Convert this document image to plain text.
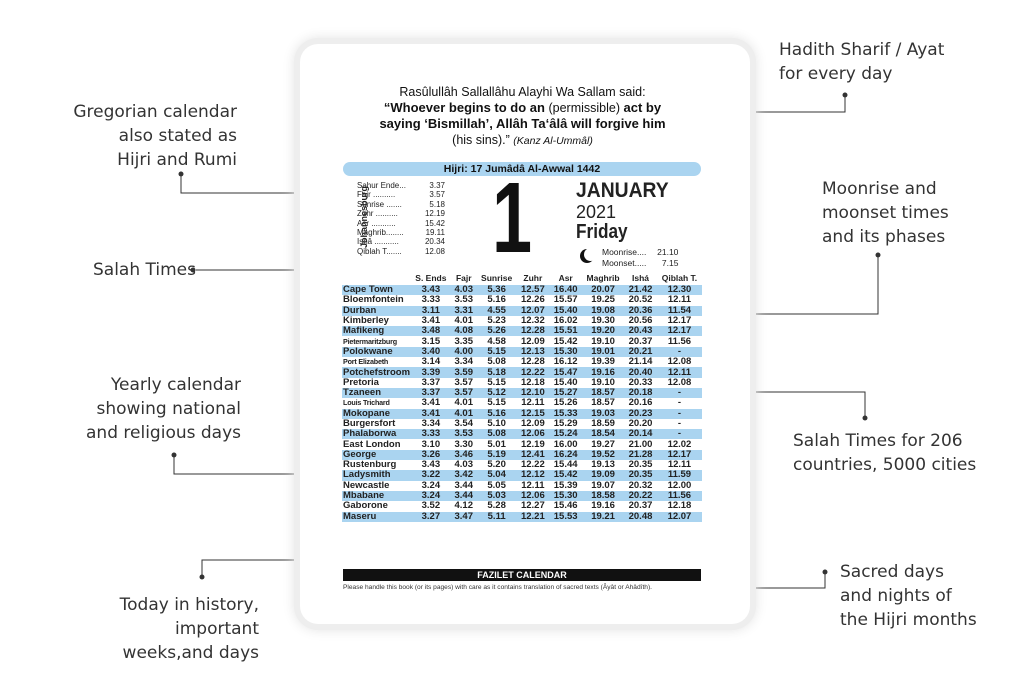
Gregorian calendar
also stated as
Hijri and Rumi
Salah Times
Yearly calendar
showing national
and religious days
Today in history,
important
weeks,and days
Hadith Sharif / Ayat
for every day
Moonrise and
moonset times
and its phases
Salah Times for 206
countries, 5000 cities
Sacred days
and nights of
the Hijri months
Rasûlullâh Sallallâhu Alayhi Wa Sallam said:
“Whoever begins to do an (permissible) act by
saying ‘Bismillah’, Allâh Ta‘âlâ will forgive him
(his sins).” (Kanz Al-Ummâl)
Hijri: 17 Jumâdâ Al-Awwal 1442
Johannesburg
Sahur Ende...	3.37
Fajr ..........	3.57
Sunrise .......	5.18
Zuhr ..........	12.19
Asr ...........	15.42
Maghrib........	19.11
Ishâ ...........	20.34
Qiblah T.......	12.08 1 JANUARY
2021
Friday
Moonrise....	21.10
Moonset.....	7.15
	S. Ends	Fajr	Sunrise	Zuhr	Asr	Maghrib	Ishá	Qiblah T.
Cape Town	3.43	4.03	5.36	12.57	16.40	20.07	21.42	12.30
Bloemfontein	3.33	3.53	5.16	12.26	15.57	19.25	20.52	12.11
Durban	3.11	3.31	4.55	12.07	15.40	19.08	20.36	11.54
Kimberley	3.41	4.01	5.23	12.32	16.02	19.30	20.56	12.17
Mafikeng	3.48	4.08	5.26	12.28	15.51	19.20	20.43	12.17
Pietermaritzburg	3.15	3.35	4.58	12.09	15.42	19.10	20.37	11.56
Polokwane	3.40	4.00	5.15	12.13	15.30	19.01	20.21	-
Port Elizabeth	3.14	3.34	5.08	12.28	16.12	19.39	21.14	12.08
Potchefstroom	3.39	3.59	5.18	12.22	15.47	19.16	20.40	12.11
Pretoria	3.37	3.57	5.15	12.18	15.40	19.10	20.33	12.08
Tzaneen	3.37	3.57	5.12	12.10	15.27	18.57	20.18	-
Louis Trichard	3.41	4.01	5.15	12.11	15.26	18.57	20.16	-
Mokopane	3.41	4.01	5.16	12.15	15.33	19.03	20.23	-
Burgersfort	3.34	3.54	5.10	12.09	15.29	18.59	20.20	-
Phalaborwa	3.33	3.53	5.08	12.06	15.24	18.54	20.14	-
East London	3.10	3.30	5.01	12.19	16.00	19.27	21.00	12.02
George	3.26	3.46	5.19	12.41	16.24	19.52	21.28	12.17
Rustenburg	3.43	4.03	5.20	12.22	15.44	19.13	20.35	12.11
Ladysmith	3.22	3.42	5.04	12.12	15.42	19.09	20.35	11.59
Newcastle	3.24	3.44	5.05	12.11	15.39	19.07	20.32	12.00
Mbabane	3.24	3.44	5.03	12.06	15.30	18.58	20.22	11.56
Gaborone	3.52	4.12	5.28	12.27	15.46	19.16	20.37	12.18
Maseru	3.27	3.47	5.11	12.21	15.53	19.21	20.48	12.07
FAZILET CALENDAR
Please handle this book (or its pages) with care as it contains translation of sacred texts (Âyât or Ahâdîth).
